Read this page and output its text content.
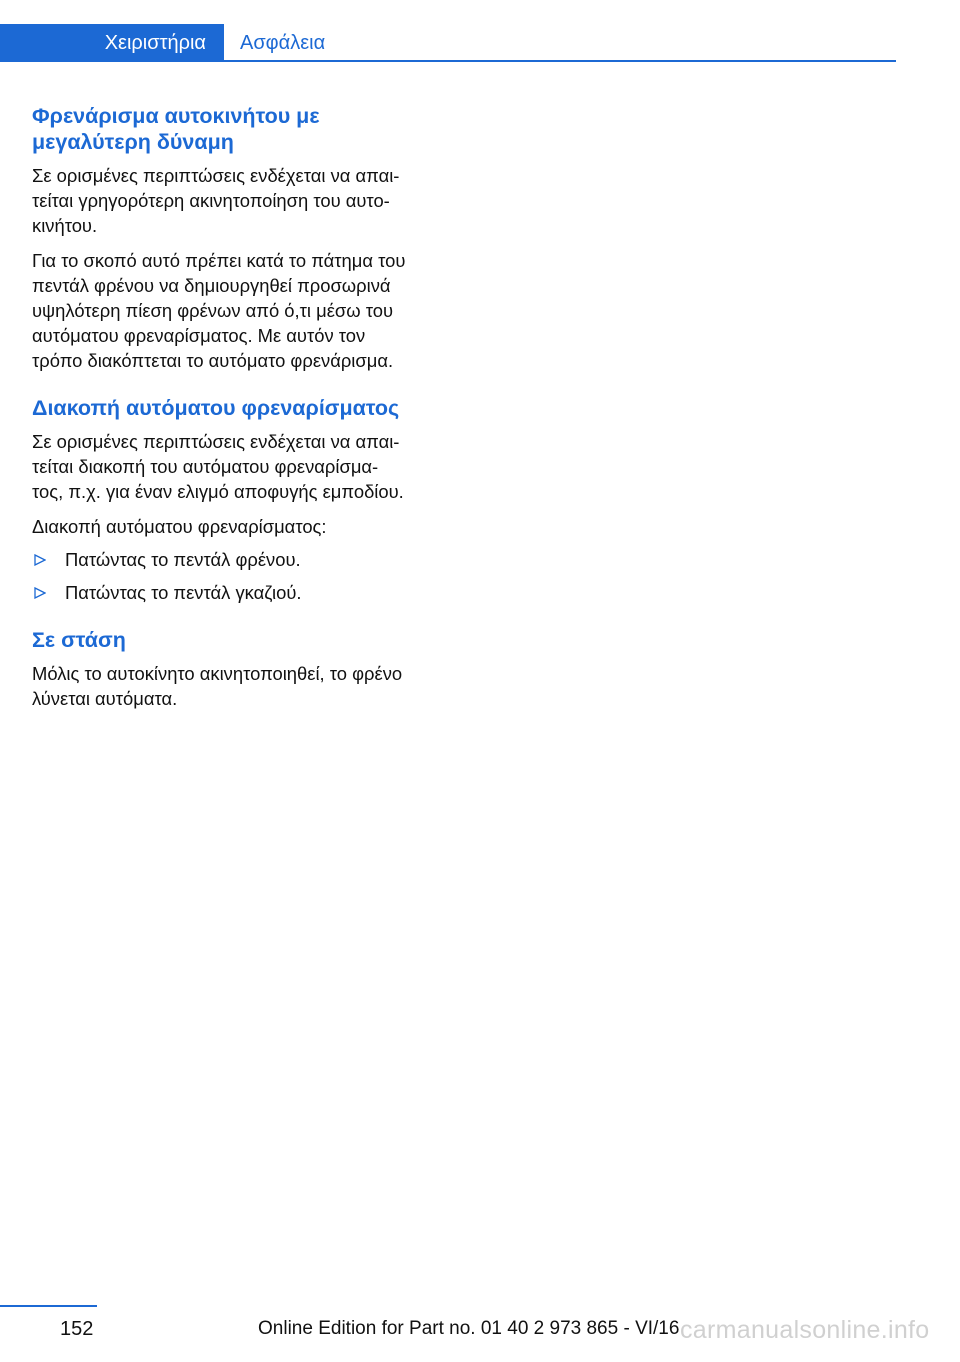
Χειριστήρια	Ασφάλεια
Φρενάρισμα αυτοκινήτου με
μεγαλύτερη δύναμη

Σε ορισμένες περιπτώσεις ενδέχεται να απαι‐
τείται γρηγορότερη ακινητοποίηση του αυτο‐
κινήτου.

Για το σκοπό αυτό πρέπει κατά το πάτημα του
πεντάλ φρένου να δημιουργηθεί προσωρινά
υψηλότερη πίεση φρένων από ό,τι μέσω του
αυτόματου φρεναρίσματος. Με αυτόν τον
τρόπο διακόπτεται το αυτόματο φρενάρισμα.

Διακοπή αυτόματου φρεναρίσματος

Σε ορισμένες περιπτώσεις ενδέχεται να απαι‐
τείται διακοπή του αυτόματου φρεναρίσμα‐
τος, π.χ. για έναν ελιγμό αποφυγής εμποδίου.

Διακοπή αυτόματου φρεναρίσματος:

Πατώντας το πεντάλ φρένου.
Πατώντας το πεντάλ γκαζιού.
Σε στάση

Μόλις το αυτοκίνητο ακινητοποιηθεί, το φρένο
λύνεται αυτόματα.

152	Online Edition for Part no. 01 40 2 973 865 - VI/16 carmanualsonline.info
